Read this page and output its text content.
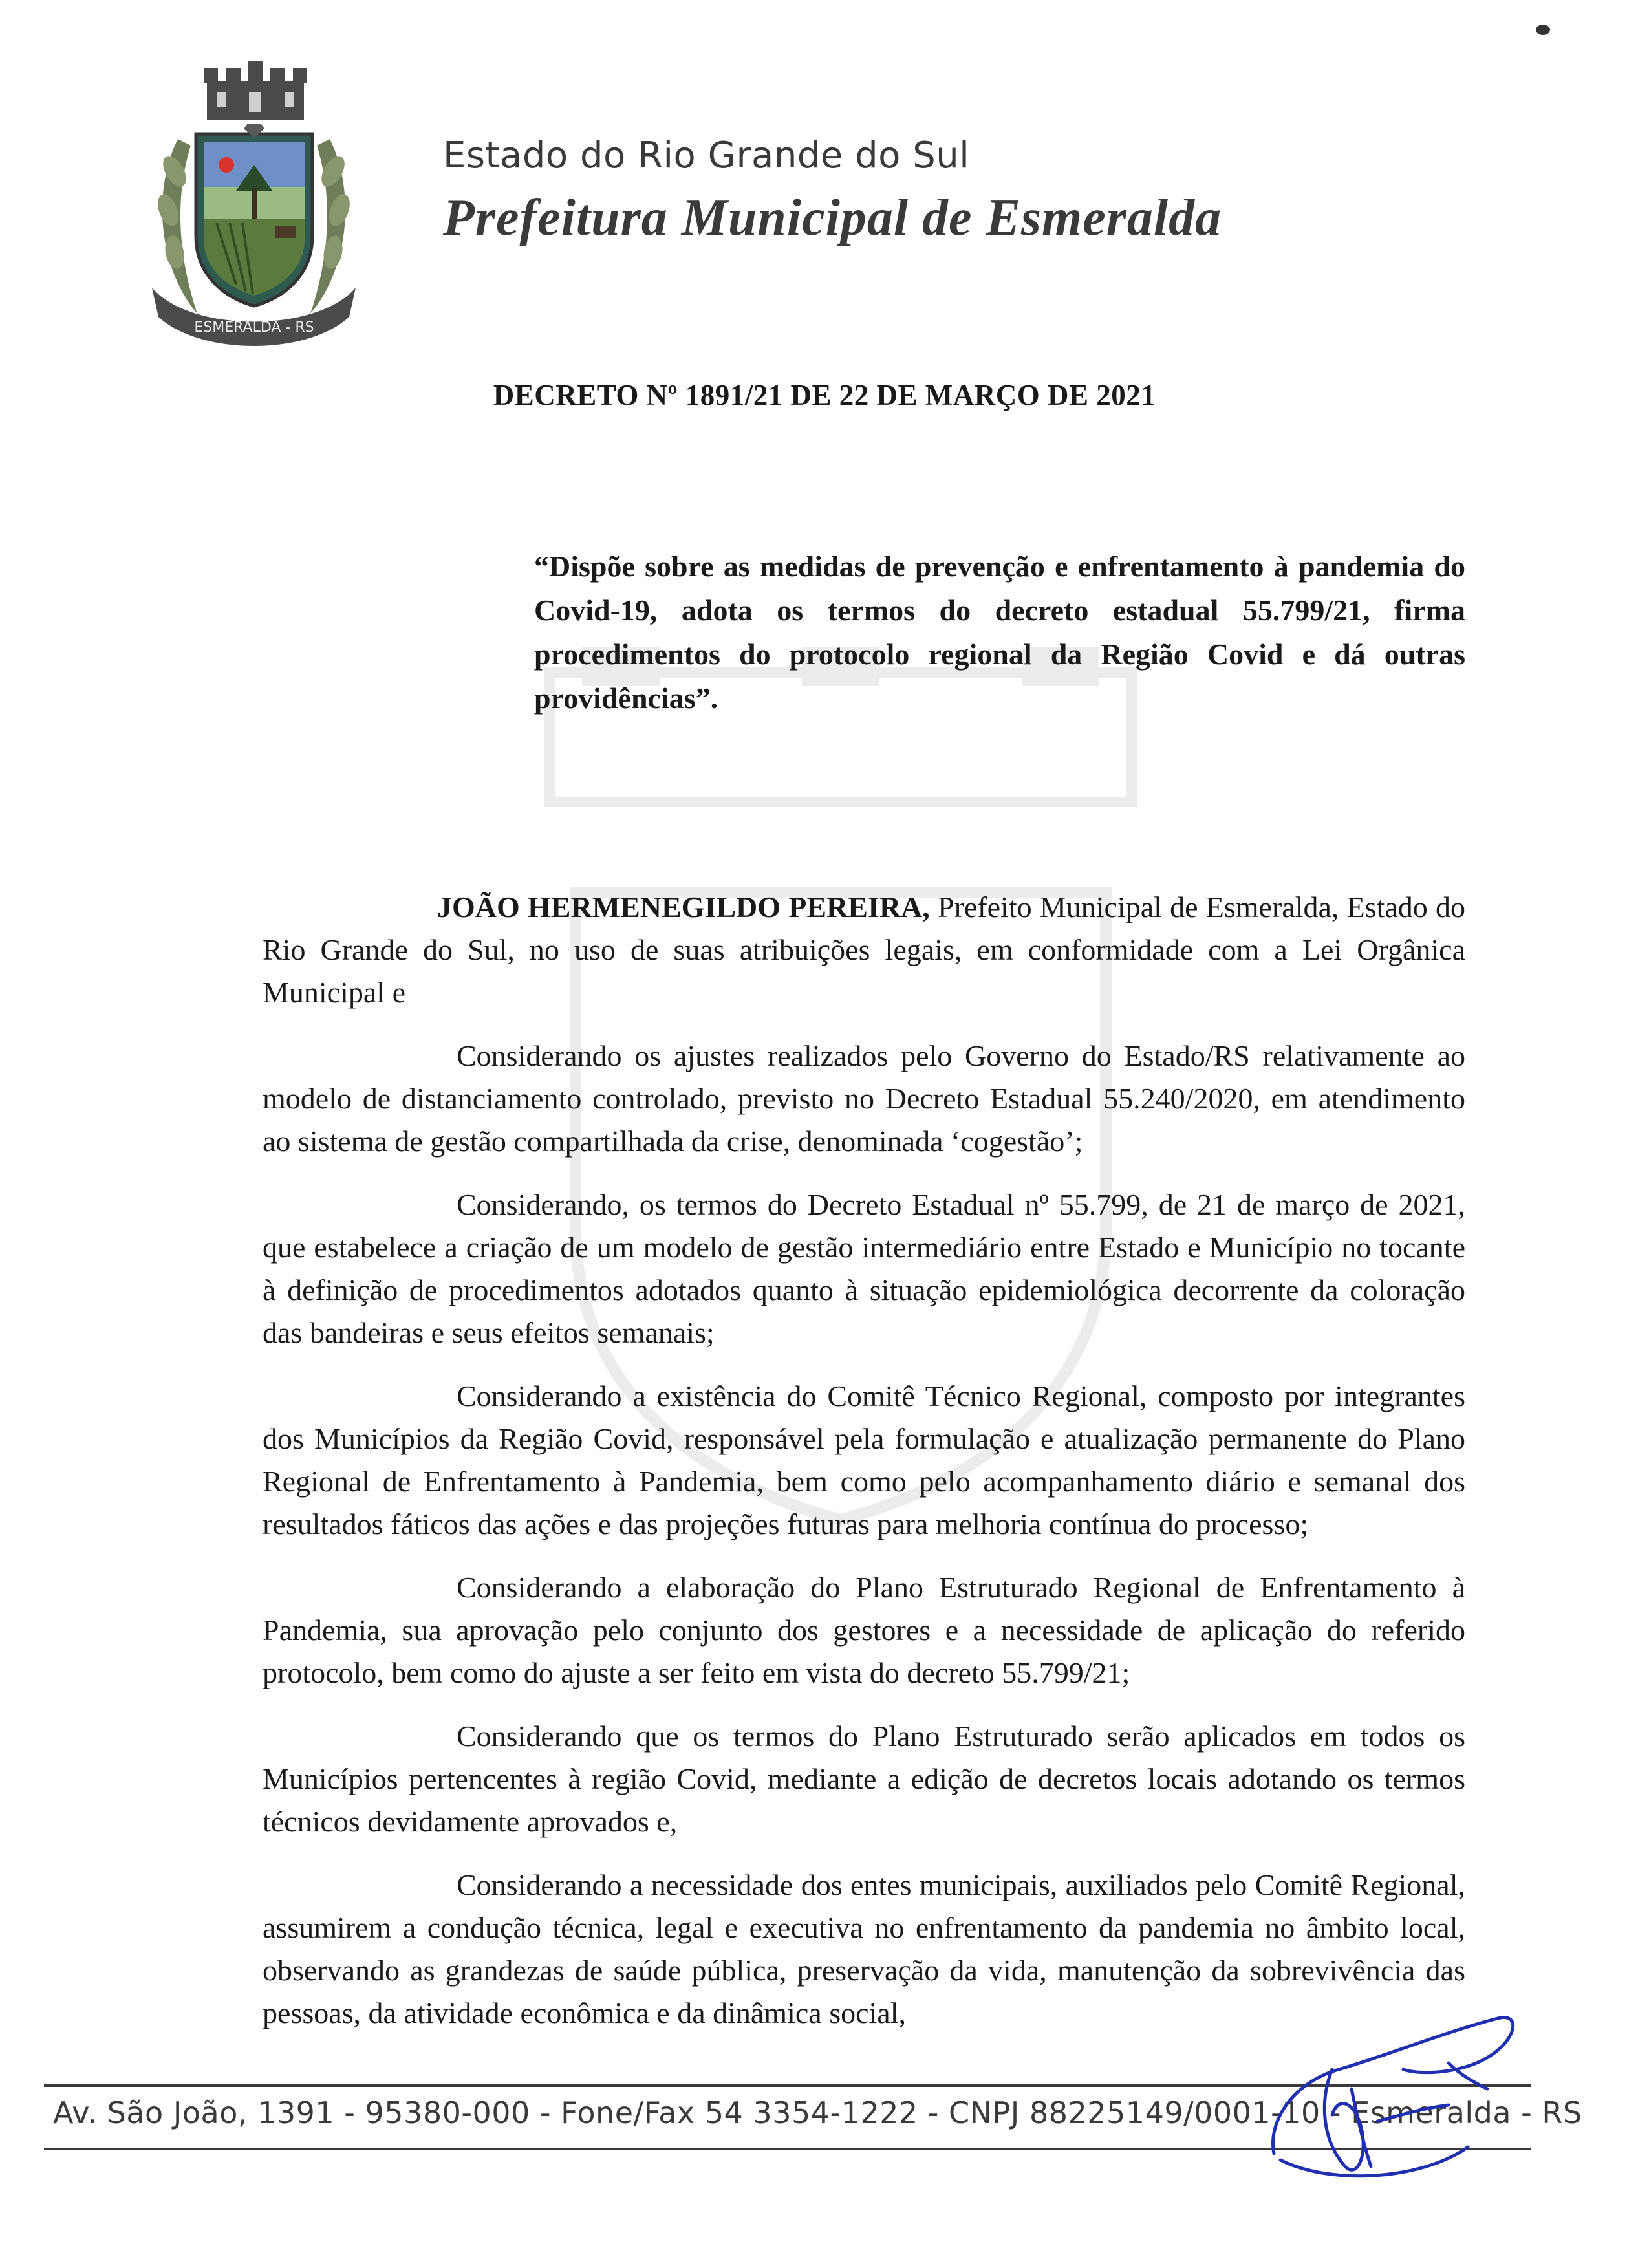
ESMERALDA - RS
Estado do Rio Grande do Sul
Prefeitura Municipal de Esmeralda
DECRETO Nº 1891/21 DE 22 DE MARÇO DE 2021
“Dispõe sobre as medidas de prevenção e enfrentamento à pandemia do Covid-19, adota os termos do decreto estadual 55.799/21, firma procedimentos do protocolo regional da Região Covid e dá outras providências”.

JOÃO HERMENEGILDO PEREIRA, Prefeito Municipal de Esmeralda, Estado do Rio Grande do Sul, no uso de suas atribuições legais, em conformidade com a Lei Orgânica Municipal e

Considerando os ajustes realizados pelo Governo do Estado/RS relativamente ao modelo de distanciamento controlado, previsto no Decreto Estadual 55.240/2020, em atendimento ao sistema de gestão compartilhada da crise, denominada ‘cogestão’;

Considerando, os termos do Decreto Estadual nº 55.799, de 21 de março de 2021, que estabelece a criação de um modelo de gestão intermediário entre Estado e Município no tocante à definição de procedimentos adotados quanto à situação epidemiológica decorrente da coloração das bandeiras e seus efeitos semanais;

Considerando a existência do Comitê Técnico Regional, composto por integrantes dos Municípios da Região Covid, responsável pela formulação e atualização permanente do Plano Regional de Enfrentamento à Pandemia, bem como pelo acompanhamento diário e semanal dos resultados fáticos das ações e das projeções futuras para melhoria contínua do processo;

Considerando a elaboração do Plano Estruturado Regional de Enfrentamento à Pandemia, sua aprovação pelo conjunto dos gestores e a necessidade de aplicação do referido protocolo, bem como do ajuste a ser feito em vista do decreto 55.799/21;

Considerando que os termos do Plano Estruturado serão aplicados em todos os Municípios pertencentes à região Covid, mediante a edição de decretos locais adotando os termos técnicos devidamente aprovados e,

Considerando a necessidade dos entes municipais, auxiliados pelo Comitê Regional, assumirem a condução técnica, legal e executiva no enfrentamento da pandemia no âmbito local, observando as grandezas de saúde pública, preservação da vida, manutenção da sobrevivência das pessoas, da atividade econômica e da dinâmica social,

Av. São João, 1391 - 95380-000 - Fone/Fax 54 3354-1222 - CNPJ 88225149/0001-10 - Esmeralda - RS
